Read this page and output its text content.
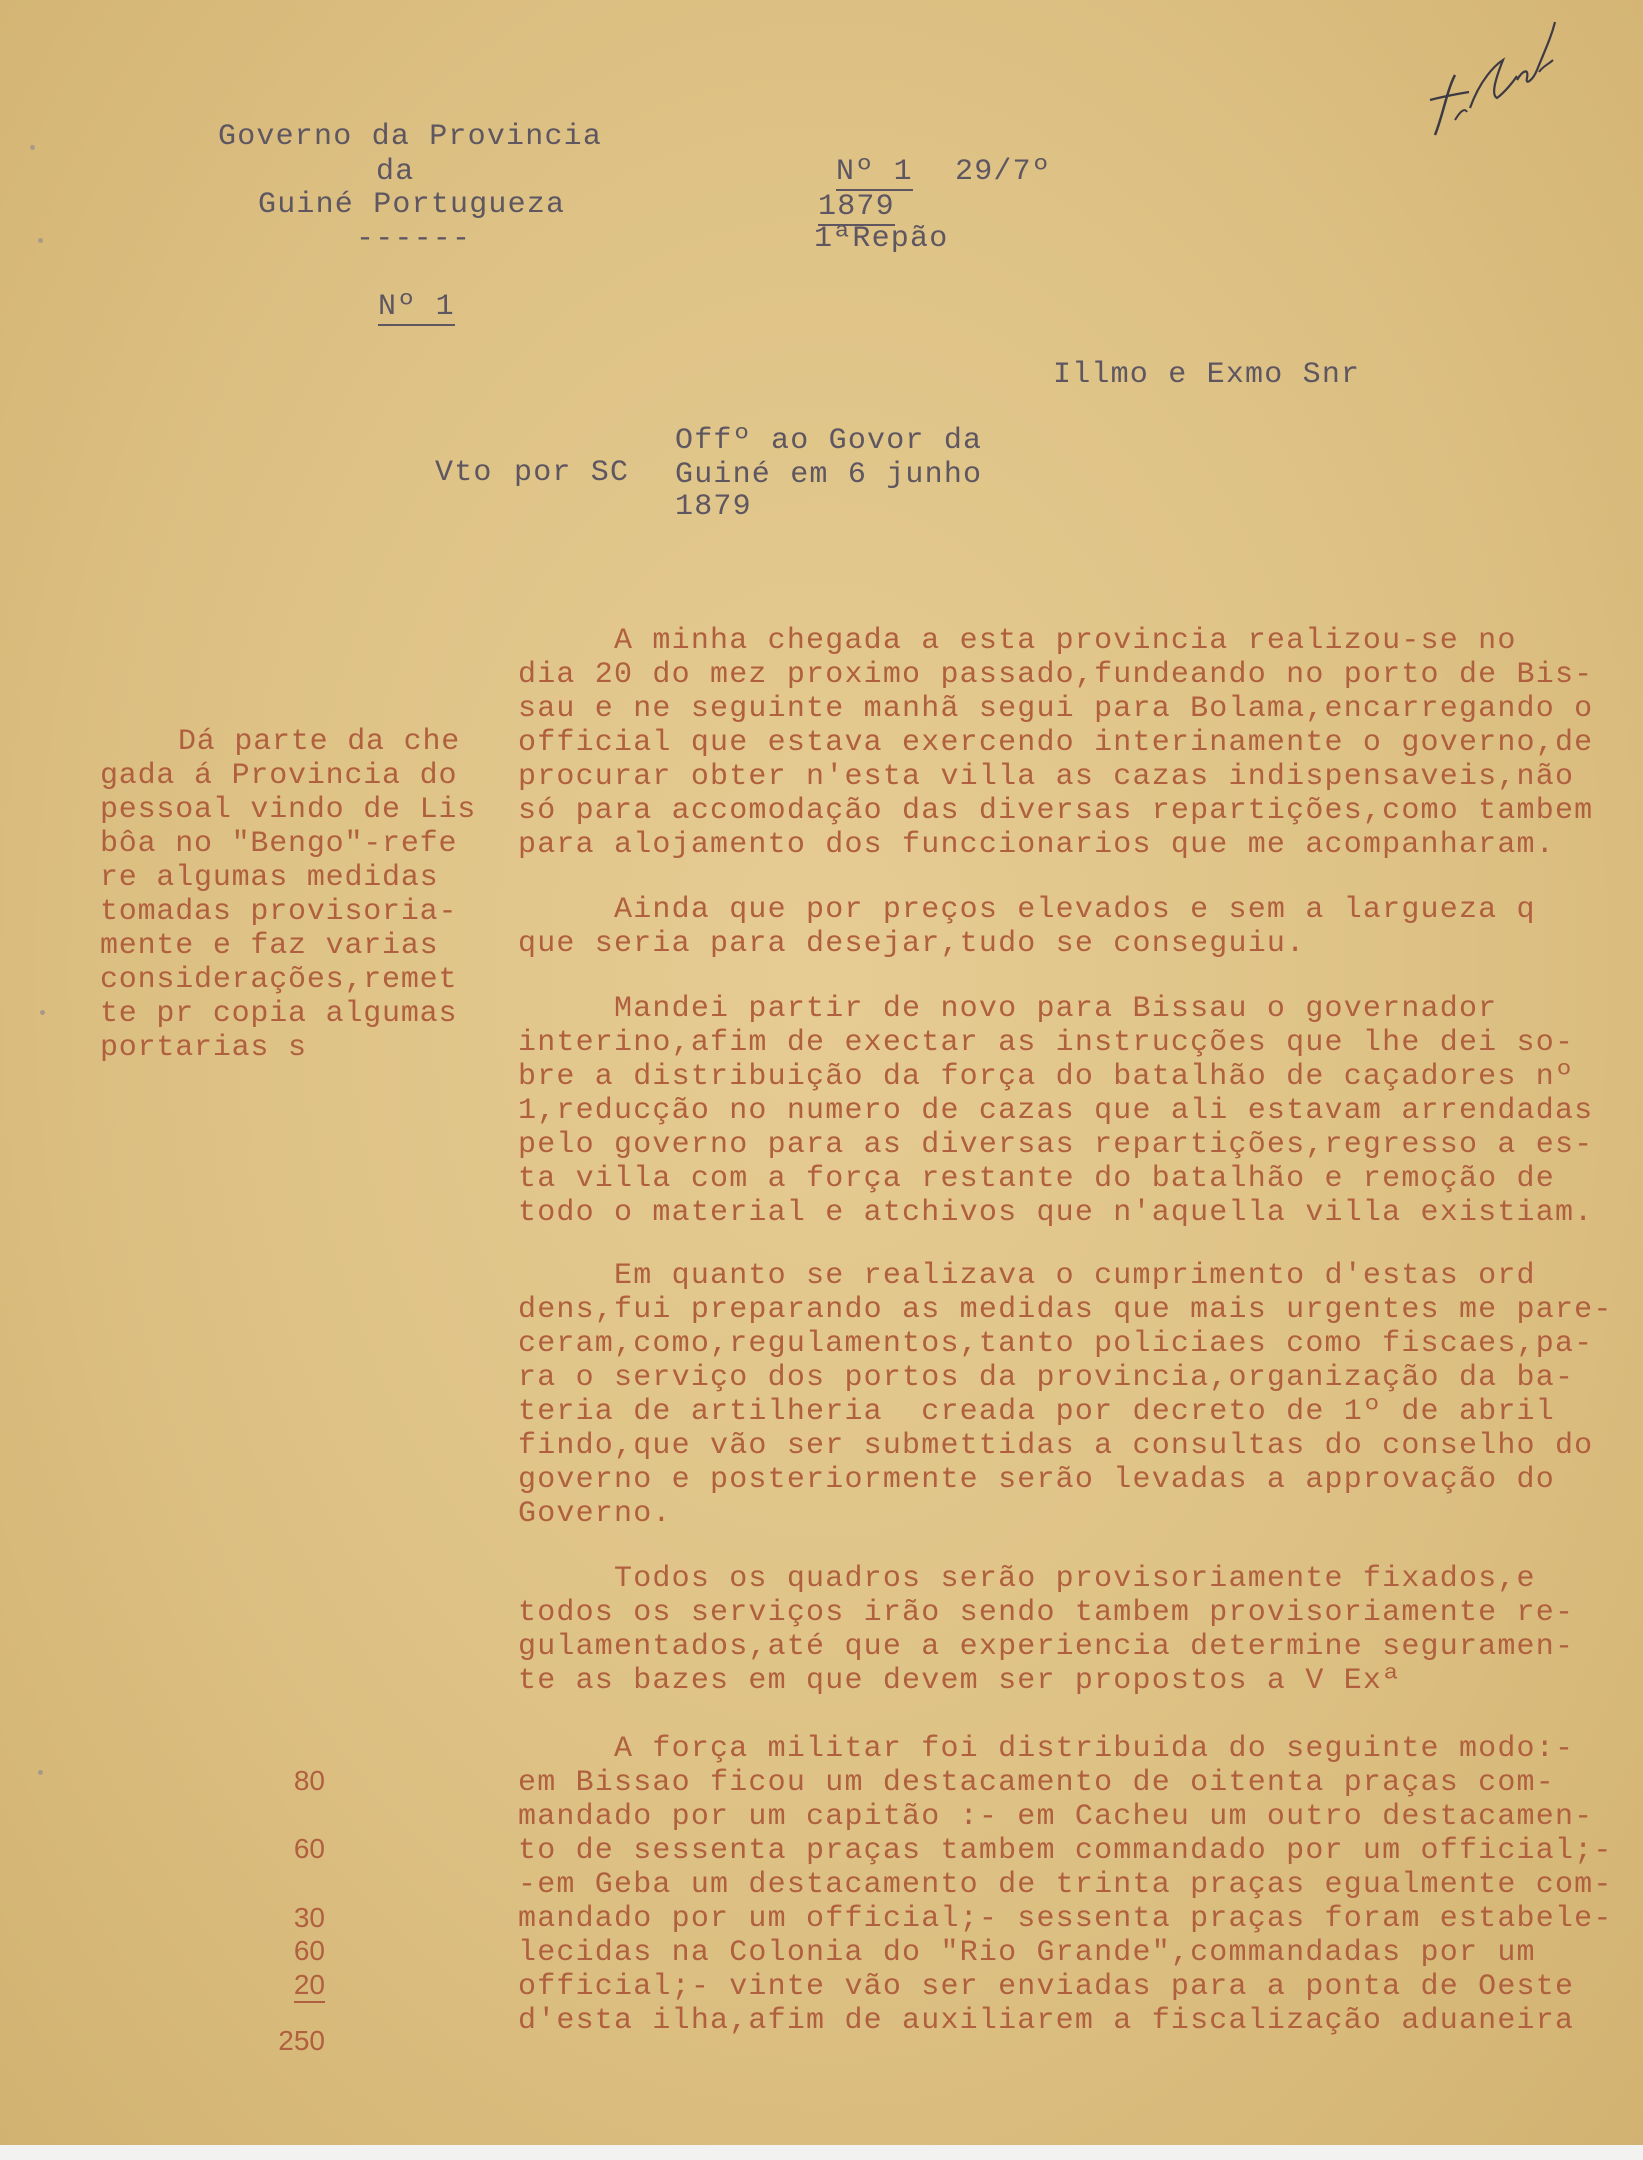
Governo da Provincia
da
Guiné Portugueza
------
Nº 1
Nº 1 29/7º
1879
1ªRepão
Illmo e Exmo Snr
Vto por SC
Offº ao Govor da
Guiné em 6 junho
1879
Dá parte da che
gada á Provincia do
pessoal vindo de Lis
bôa no "Bengo"-refe
re algumas medidas
tomadas provisoria-
mente e faz varias
considerações,remet
te pr copia algumas
portarias s
A minha chegada a esta provincia realizou-se no
dia 20 do mez proximo passado,fundeando no porto de Bis-
sau e ne seguinte manhã segui para Bolama,encarregando o
official que estava exercendo interinamente o governo,de
procurar obter n'esta villa as cazas indispensaveis,não
só para accomodação das diversas repartições,como tambem
para alojamento dos funccionarios que me acompanharam.
Ainda que por preços elevados e sem a largueza q
que seria para desejar,tudo se conseguiu.
Mandei partir de novo para Bissau o governador
interino,afim de exectar as instrucções que lhe dei so-
bre a distribuição da força do batalhão de caçadores nº
1,reducção no numero de cazas que ali estavam arrendadas
pelo governo para as diversas repartições,regresso a es-
ta villa com a força restante do batalhão e remoção de
todo o material e atchivos que n'aquella villa existiam.
Em quanto se realizava o cumprimento d'estas ord
dens,fui preparando as medidas que mais urgentes me pare-
ceram,como,regulamentos,tanto policiaes como fiscaes,pa-
ra o serviço dos portos da provincia,organização da ba-
teria de artilheria  creada por decreto de 1º de abril
findo,que vão ser submettidas a consultas do conselho do
governo e posteriormente serão levadas a approvação do
Governo.
Todos os quadros serão provisoriamente fixados,e
todos os serviços irão sendo tambem provisoriamente re-
gulamentados,até que a experiencia determine seguramen-
te as bazes em que devem ser propostos a V Exª
A força militar foi distribuida do seguinte modo:-
em Bissao ficou um destacamento de oitenta praças com-
mandado por um capitão :- em Cacheu um outro destacamen-
to de sessenta praças tambem commandado por um official;-
-em Geba um destacamento de trinta praças egualmente com-
mandado por um official;- sessenta praças foram estabele-
lecidas na Colonia do "Rio Grande",commandadas por um
official;- vinte vão ser enviadas para a ponta de Oeste
d'esta ilha,afim de auxiliarem a fiscalização aduaneira
80
60
30
60
20
250
